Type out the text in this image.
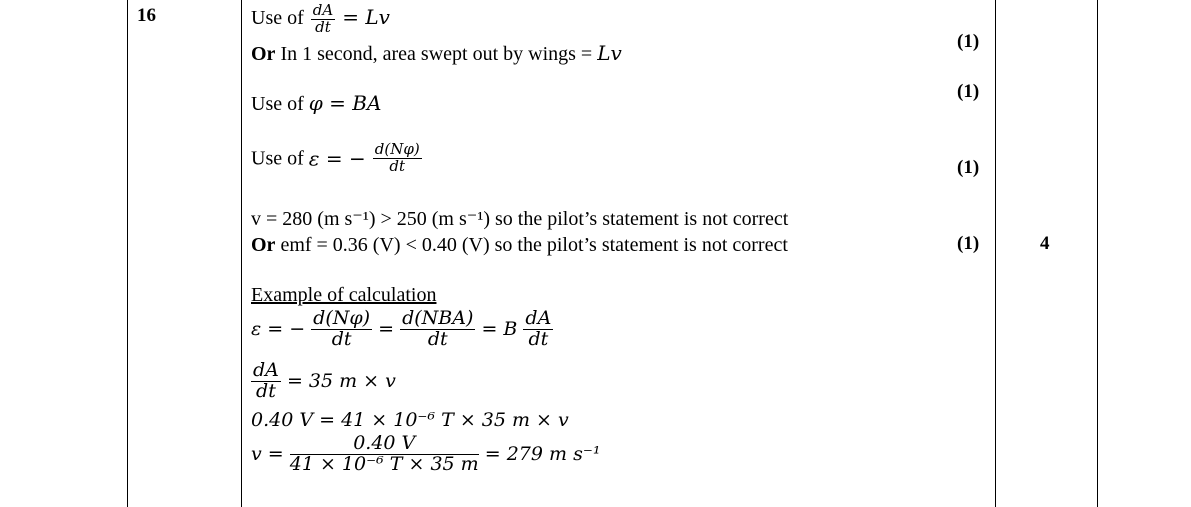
16	Use of $\frac{dA}{dt} = Lv$
Or In 1 second, area swept out by wings = Lv
Use of φ = BA
Use of ε = − $\frac{d(N\varphi)}{dt}$
v = 280 (m s⁻¹) > 250 (m s⁻¹) so the pilot’s statement is not correct
Or emf = 0.36 (V) < 0.40 (V) so the pilot’s statement is not correct
(1)
(1)
(1)
(1)	4
Example of calculation
ε = − $\frac{d(N\varphi)}{dt} = \frac{\text{d(NBA)}}{dt} = B \frac{dA}{dt}$
$\frac{dA}{dt} = 35$ m × v
0.40 V = 41 × 10⁻⁶ T × 35 m × v
$v = \frac{0.40 V}{\text{41 × 10⁻⁶ T × 35 m}} = 279$ m s⁻¹
